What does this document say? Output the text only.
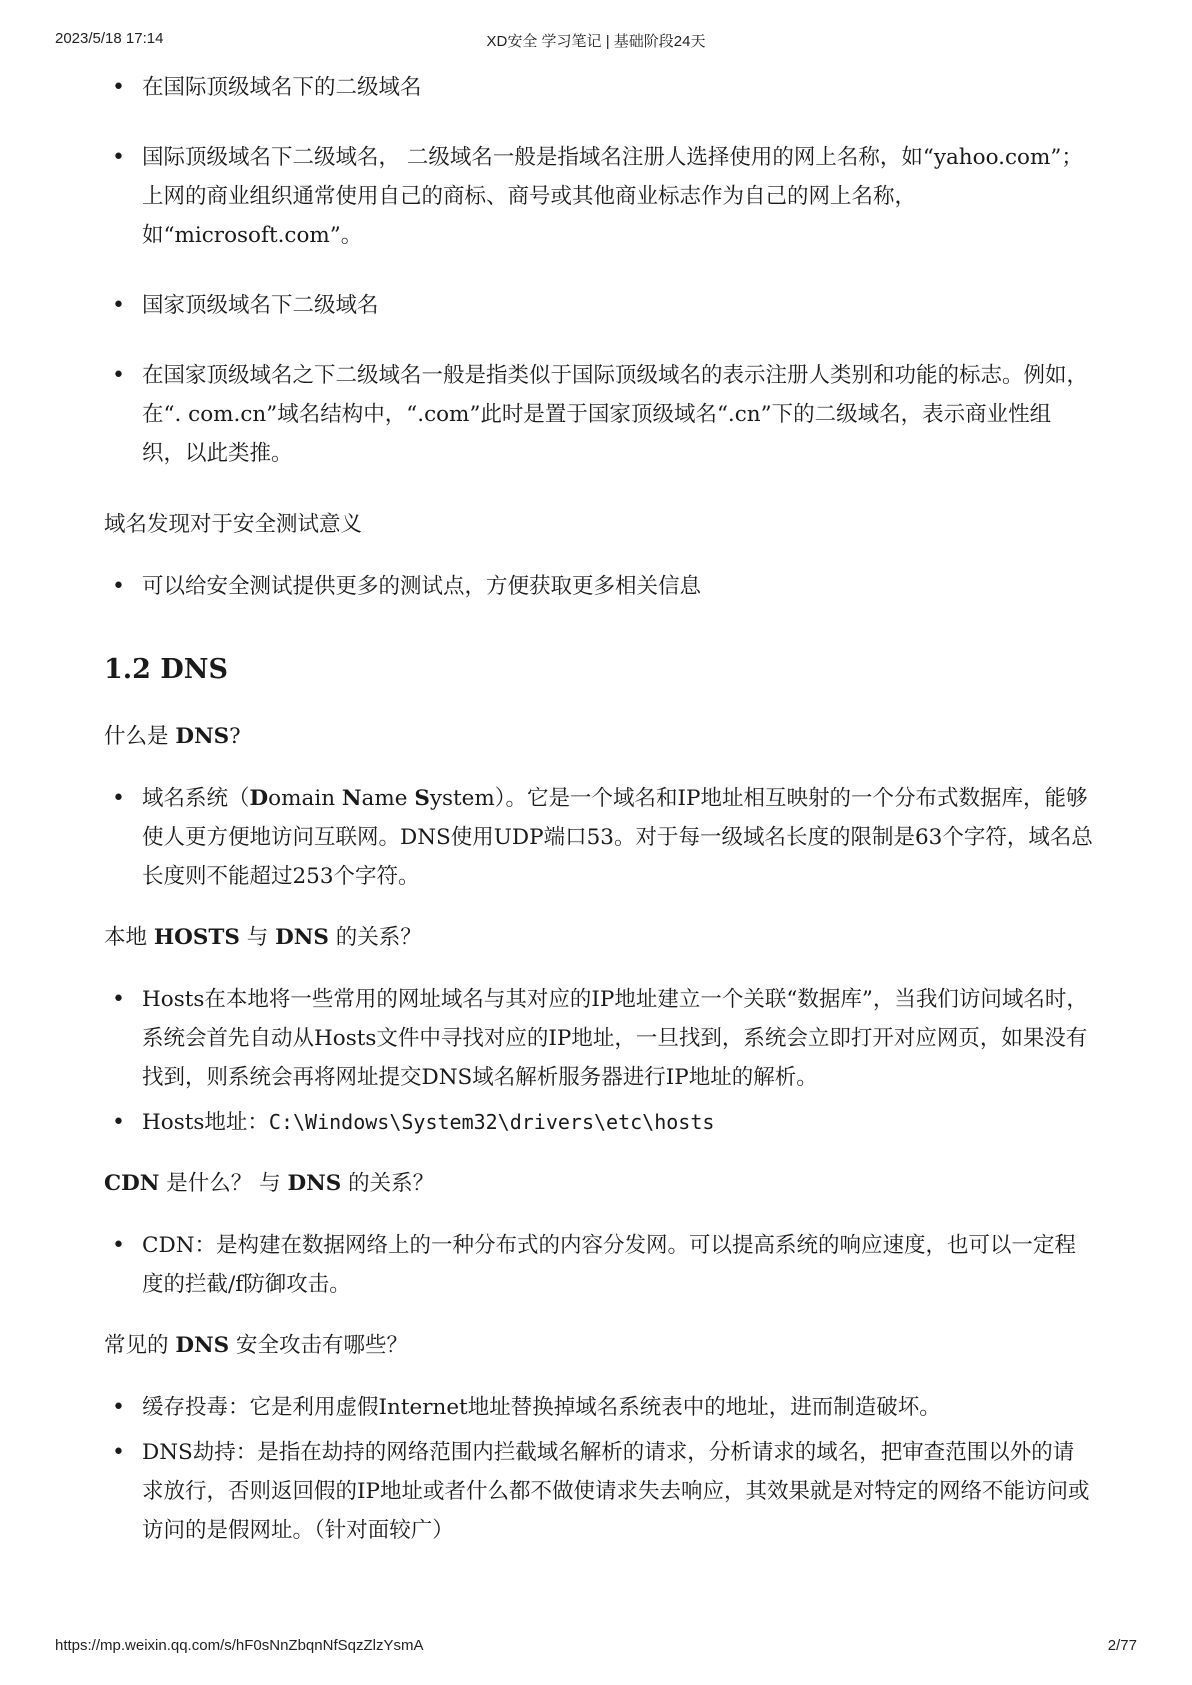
2023/5/18 17:14	XD安全 学习笔记 | 基础阶段24天
• 在国际顶级域名下的二级域名
• 国际顶级域名下二级域名， 二级域名一般是指域名注册人选择使用的网上名称，如“yahoo.com”；上网的商业组织通常使用自己的商标、商号或其他商业标志作为自己的网上名称，如“microsoft.com”。
• 国家顶级域名下二级域名
• 在国家顶级域名之下二级域名一般是指类似于国际顶级域名的表示注册人类别和功能的标志。例如，在“. com.cn”域名结构中，“.com”此时是置于国家顶级域名“.cn”下的二级域名，表示商业性组织，以此类推。
域名发现对于安全测试意义
• 可以给安全测试提供更多的测试点，方便获取更多相关信息
1.2 DNS
什么是 DNS?
• 域名系统（Domain Name System）。它是一个域名和IP地址相互映射的一个分布式数据库，能够使人更方便地访问互联网。DNS使用UDP端口53。对于每一级域名长度的限制是63个字符，域名总长度则不能超过253个字符。
本地 HOSTS 与 DNS 的关系？
• Hosts在本地将一些常用的网址域名与其对应的IP地址建立一个关联“数据库”，当我们访问域名时，系统会首先自动从Hosts文件中寻找对应的IP地址，一旦找到，系统会立即打开对应网页，如果没有找到，则系统会再将网址提交DNS域名解析服务器进行IP地址的解析。
• Hosts地址：C:\Windows\System32\drivers\etc\hosts
CDN 是什么？ 与 DNS 的关系？
• CDN：是构建在数据网络上的一种分布式的内容分发网。可以提高系统的响应速度，也可以一定程度的拦截/f防御攻击。
常见的 DNS 安全攻击有哪些？
• 缓存投毒：它是利用虚假Internet地址替换掉域名系统表中的地址，进而制造破坏。
• DNS劫持：是指在劫持的网络范围内拦截域名解析的请求，分析请求的域名，把审查范围以外的请求放行，否则返回假的IP地址或者什么都不做使请求失去响应，其效果就是对特定的网络不能访问或访问的是假网址。（针对面较广）
https://mp.weixin.qq.com/s/hF0sNnZbqnNfSqzZlzYsmA	2/77
